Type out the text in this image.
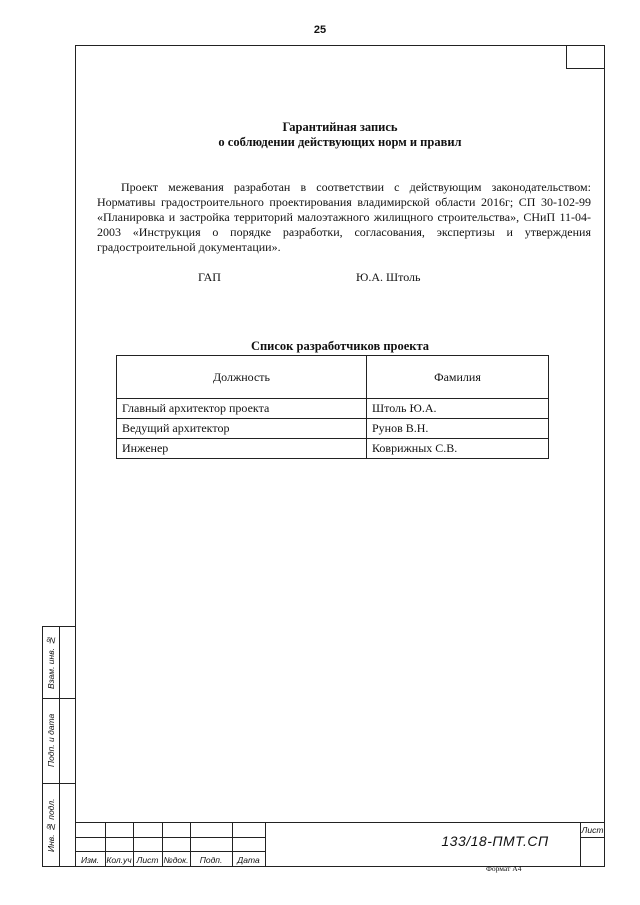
25
Гарантийная запись
о соблюдении действующих норм и правил
Проект межевания разработан в соответствии с действующим законодательством: Нормативы градостроительного проектирования владимирской области 2016г; СП 30-102-99 «Планировка и застройка территорий малоэтажного жилищного строительства», СНиП 11-04-2003 «Инструкция о порядке разработки, согласования, экспертизы и утверждения градостроительной документации».
ГАП	Ю.А. Штоль
Список разработчиков проекта
Должность	Фамилия
Главный архитектор проекта	Штоль Ю.А.
Ведущий архитектор	Рунов В.Н.
Инженер	Коврижных С.В.
Взам. инв. №
Подп. и дата
Инв. № подл.
Изм. Кол.уч Лист №док.	Подп.	Дата
133/18-ПМТ.СП
Лист
Формат А4
